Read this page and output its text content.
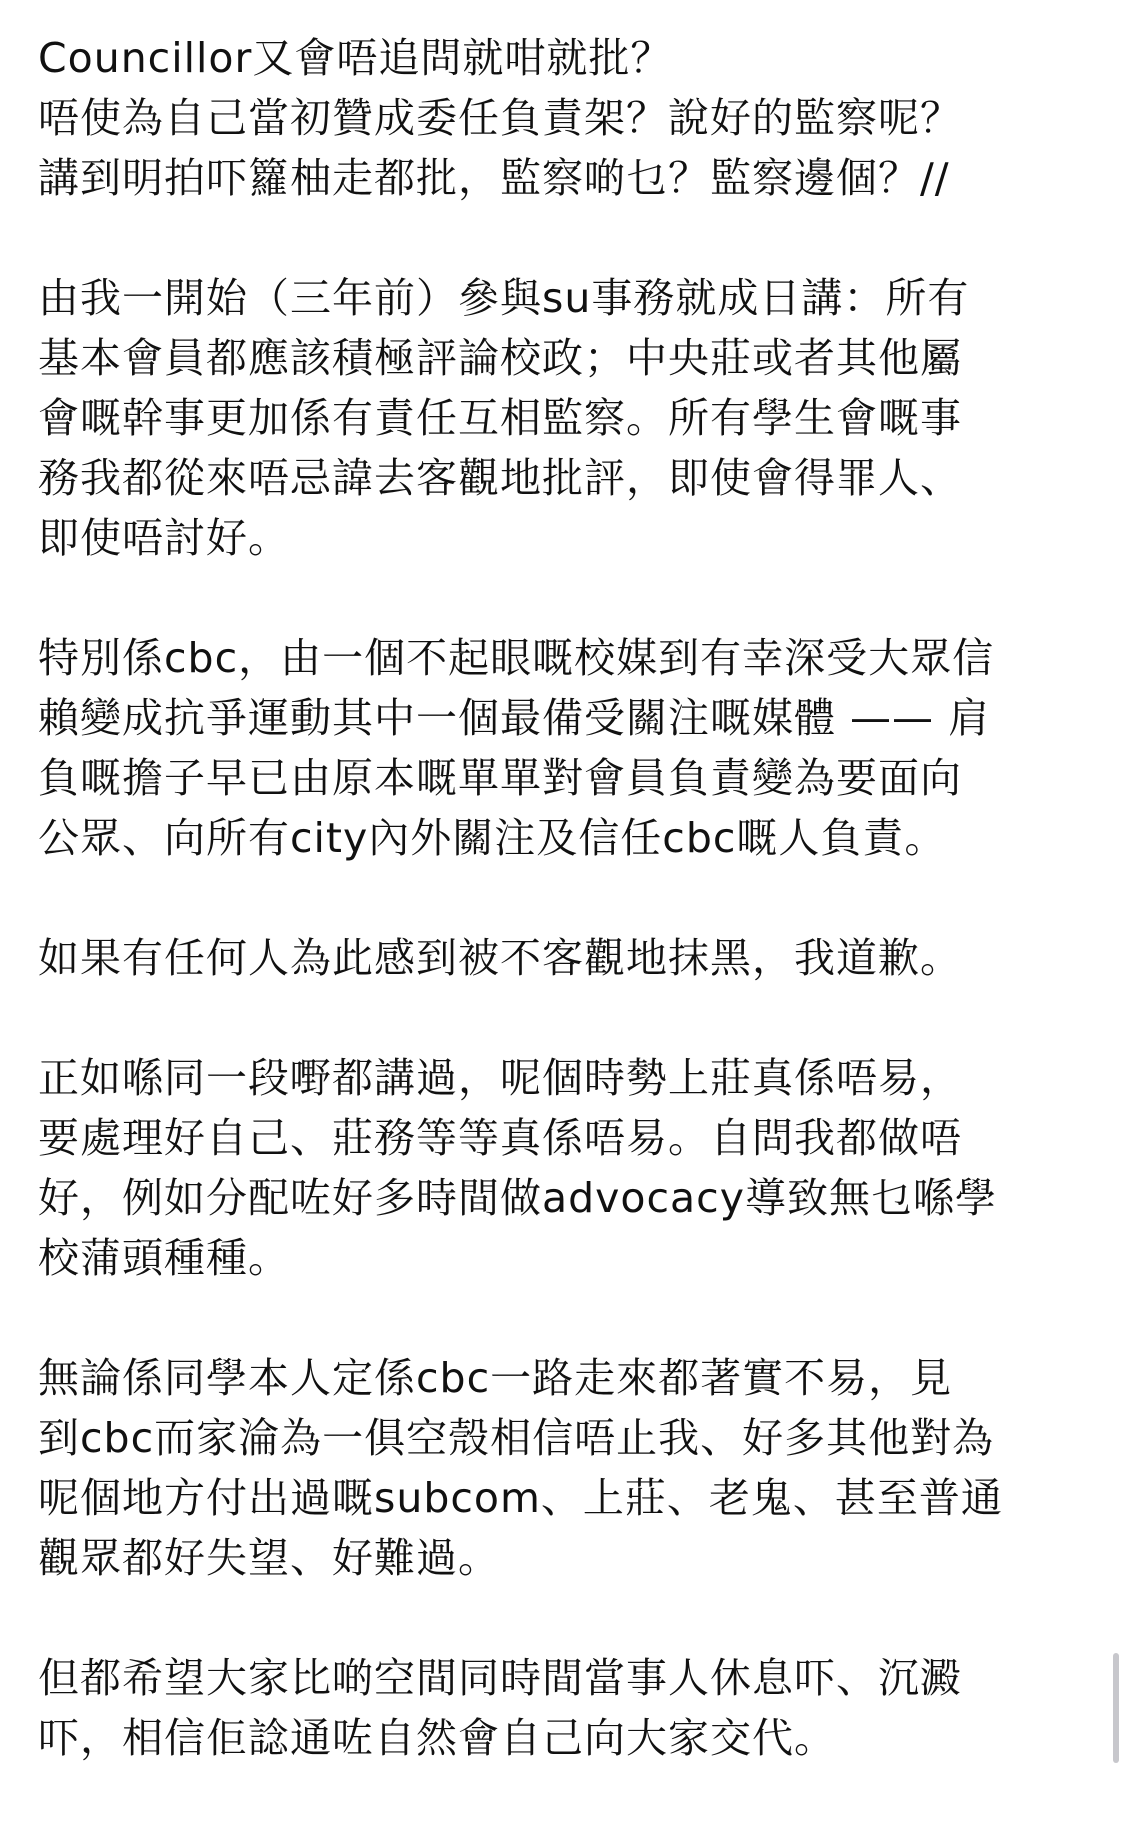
Councillor又會唔追問就咁就批？
唔使為自己當初贊成委任負責架？說好的監察呢？
講到明拍吓籮柚走都批，監察啲乜？監察邊個？//
由我一開始（三年前）參與su事務就成日講：所有
基本會員都應該積極評論校政；中央莊或者其他屬
會嘅幹事更加係有責任互相監察。所有學生會嘅事
務我都從來唔忌諱去客觀地批評，即使會得罪人、
即使唔討好。
特別係cbc，由一個不起眼嘅校媒到有幸深受大眾信
賴變成抗爭運動其中一個最備受關注嘅媒體 —— 肩
負嘅擔子早已由原本嘅單單對會員負責變為要面向
公眾、向所有city內外關注及信任cbc嘅人負責。
如果有任何人為此感到被不客觀地抹黑，我道歉。
正如喺同一段嘢都講過，呢個時勢上莊真係唔易，
要處理好自己、莊務等等真係唔易。自問我都做唔
好，例如分配咗好多時間做advocacy導致無乜喺學
校蒲頭種種。
無論係同學本人定係cbc一路走來都著實不易，見
到cbc而家淪為一俱空殼相信唔止我、好多其他對為
呢個地方付出過嘅subcom、上莊、老鬼、甚至普通
觀眾都好失望、好難過。
但都希望大家比啲空間同時間當事人休息吓、沉澱
吓，相信佢諗通咗自然會自己向大家交代。
